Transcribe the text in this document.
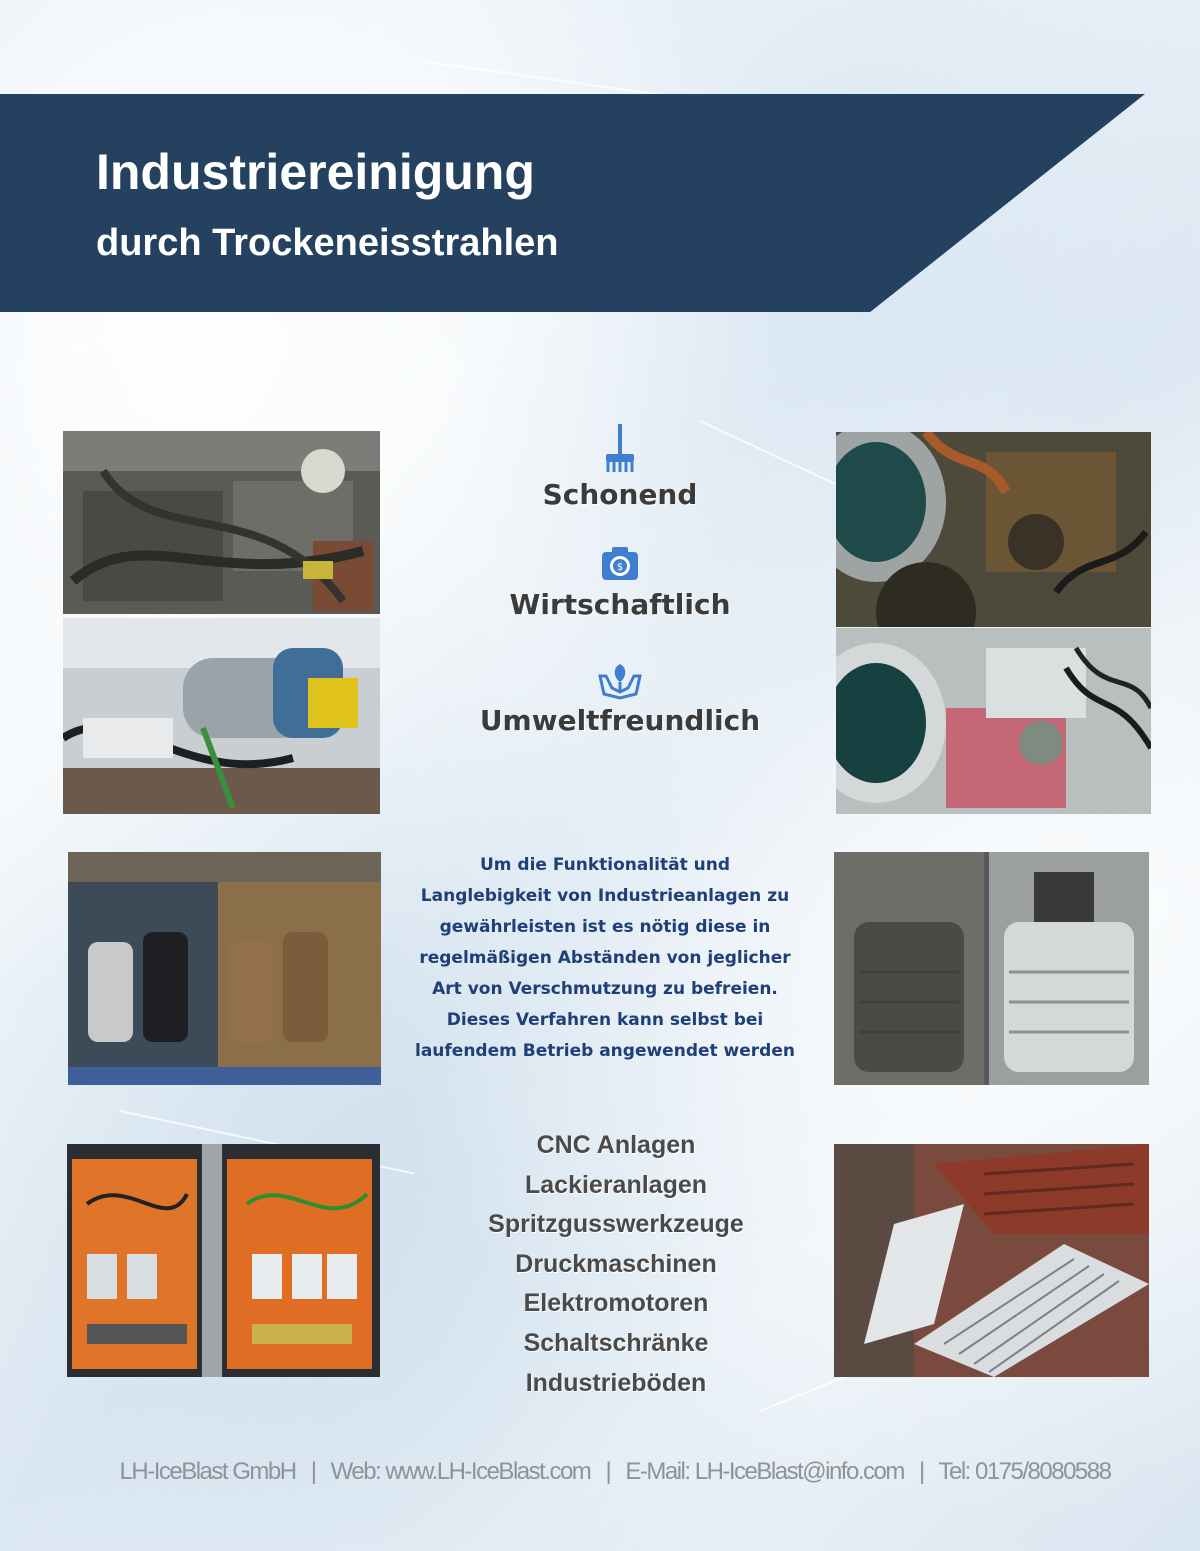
Industriereinigung
durch Trockeneisstrahlen
Schonend
$
Wirtschaftlich
Umweltfreundlich
Um die Funktionalität und
Langlebigkeit von Industrieanlagen zu
gewährleisten ist es nötig diese in
regelmäßigen Abständen von jeglicher
Art von Verschmutzung zu befreien.
Dieses Verfahren kann selbst bei
laufendem Betrieb angewendet werden
CNC Anlagen
Lackieranlagen
Spritzgusswerkzeuge
Druckmaschinen
Elektromotoren
Schaltschränke
Industrieböden
LH-IceBlast GmbH | Web: www.LH-IceBlast.com | E-Mail: LH-IceBlast@info.com | Tel: 0175/8080588
